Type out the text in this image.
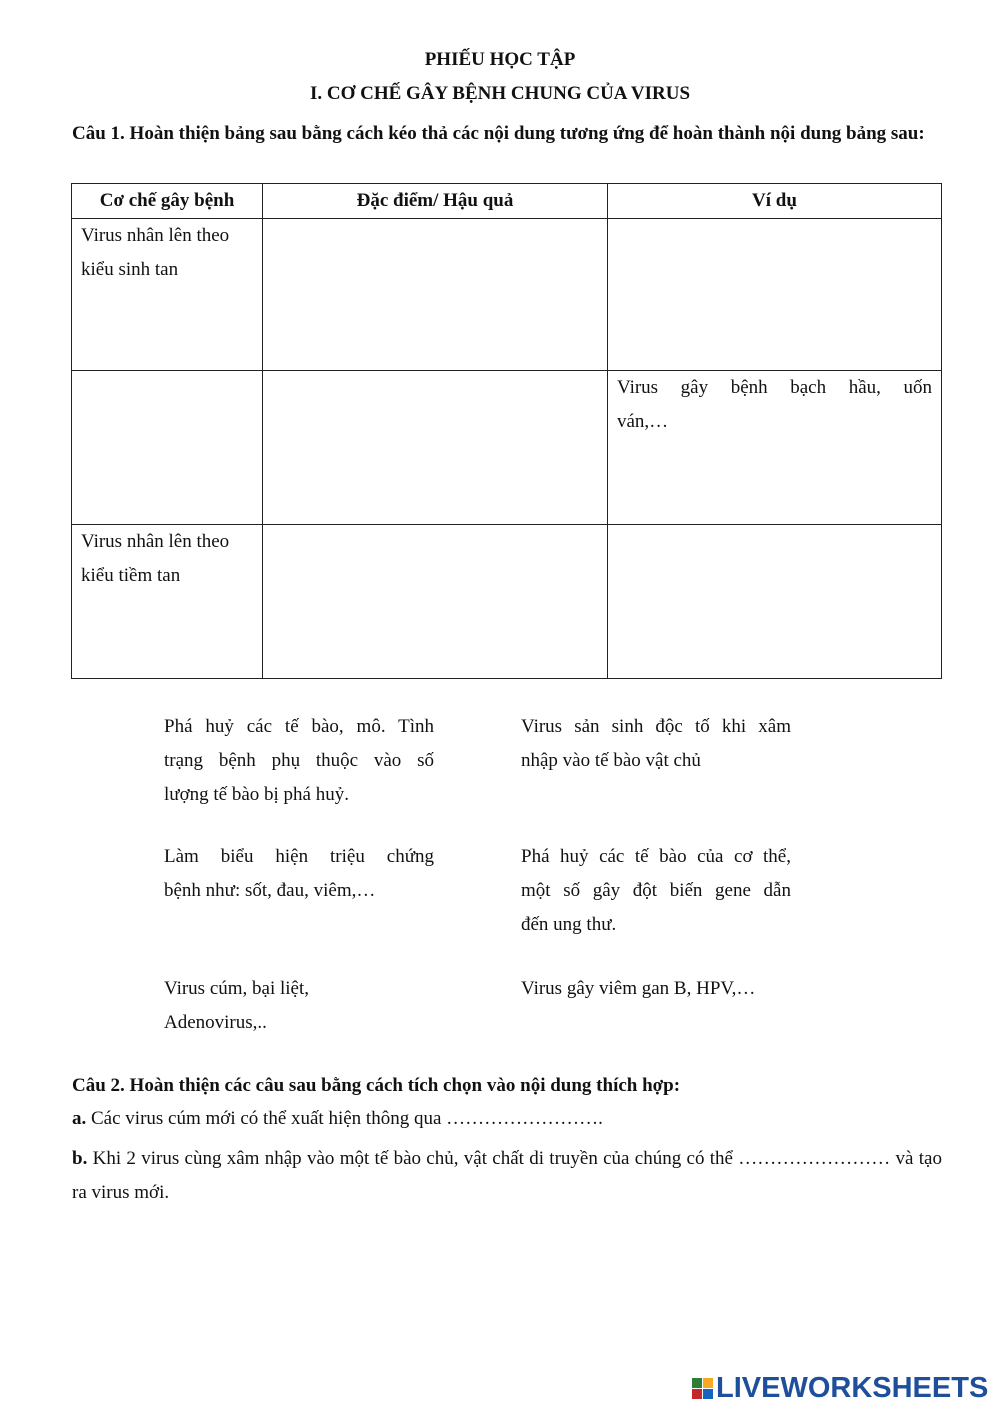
PHIẾU HỌC TẬP
I. CƠ CHẾ GÂY BỆNH CHUNG CỦA VIRUS
Câu 1. Hoàn thiện bảng sau bằng cách kéo thả các nội dung tương ứng để hoàn thành nội dung bảng sau:
Cơ chế gây bệnh	Đặc điểm/ Hậu quả	Ví dụ

Virus nhân lên theo
kiểu sinh tan		

		Virus gây bệnh bạch hầu, uốn
ván,…

Virus nhân lên theo
kiểu tiềm tan		

Phá huỷ các tế bào, mô. Tình
trạng bệnh phụ thuộc vào số
lượng tế bào bị phá huỷ.
Virus sản sinh độc tố khi xâm
nhập vào tế bào vật chủ
Làm biểu hiện triệu chứng
bệnh như: sốt, đau, viêm,…
Phá huỷ các tế bào của cơ thể,
một số gây đột biến gene dẫn
đến ung thư.
Virus cúm, bại liệt,
Adenovirus,..
Virus gây viêm gan B, HPV,…
Câu 2. Hoàn thiện các câu sau bằng cách tích chọn vào nội dung thích hợp:
a. Các virus cúm mới có thể xuất hiện thông qua …………………….
b. Khi 2 virus cùng xâm nhập vào một tế bào chủ, vật chất di truyền của chúng có thể …………………… và tạo ra virus mới.
LIVEWORKSHEETS
